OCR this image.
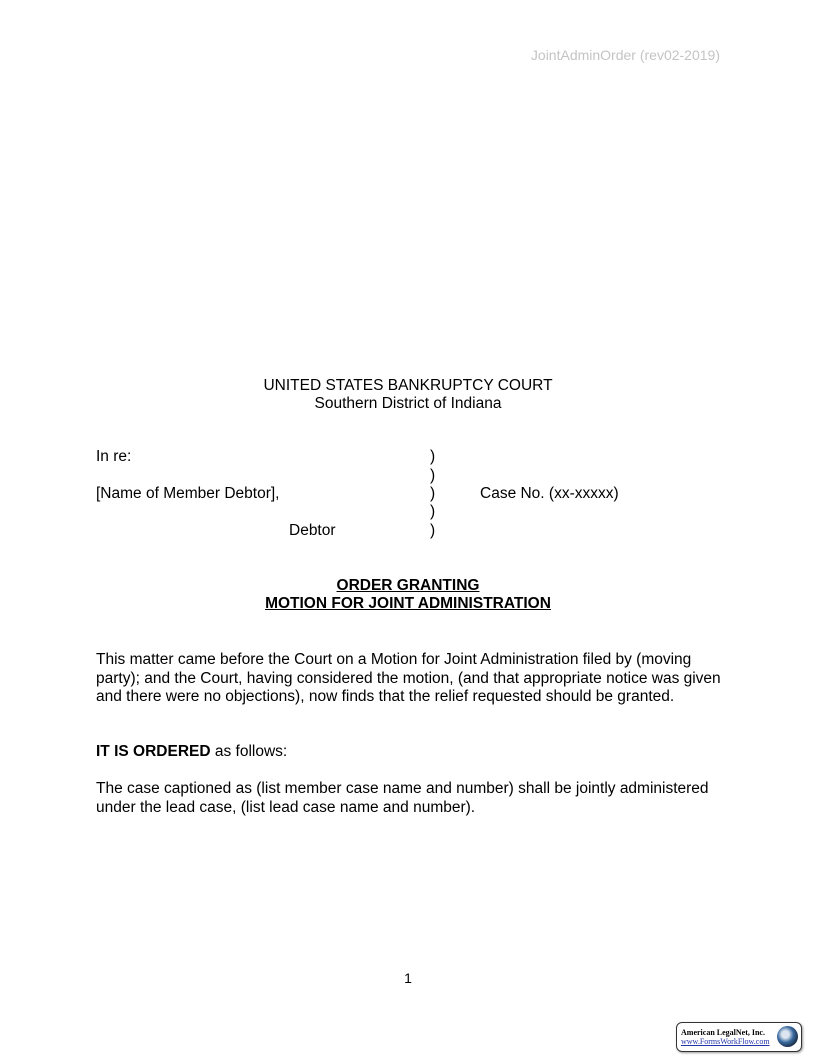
JointAdminOrder (rev02-2019)
UNITED STATES BANKRUPTCY COURT
Southern District of Indiana
In re:
[Name of Member Debtor],
Debtor
)
)
)
)
)
Case No. (xx-xxxxx)
ORDER GRANTING
MOTION FOR JOINT ADMINISTRATION
This matter came before the Court on a Motion for Joint Administration filed by (moving party); and the Court, having considered the motion, (and that appropriate notice was given and there were no objections), now finds that the relief requested should be granted.
IT IS ORDERED as follows:
The case captioned as (list member case name and number) shall be jointly administered under the lead case, (list lead case name and number).
1
American LegalNet, Inc.
www.FormsWorkFlow.com
